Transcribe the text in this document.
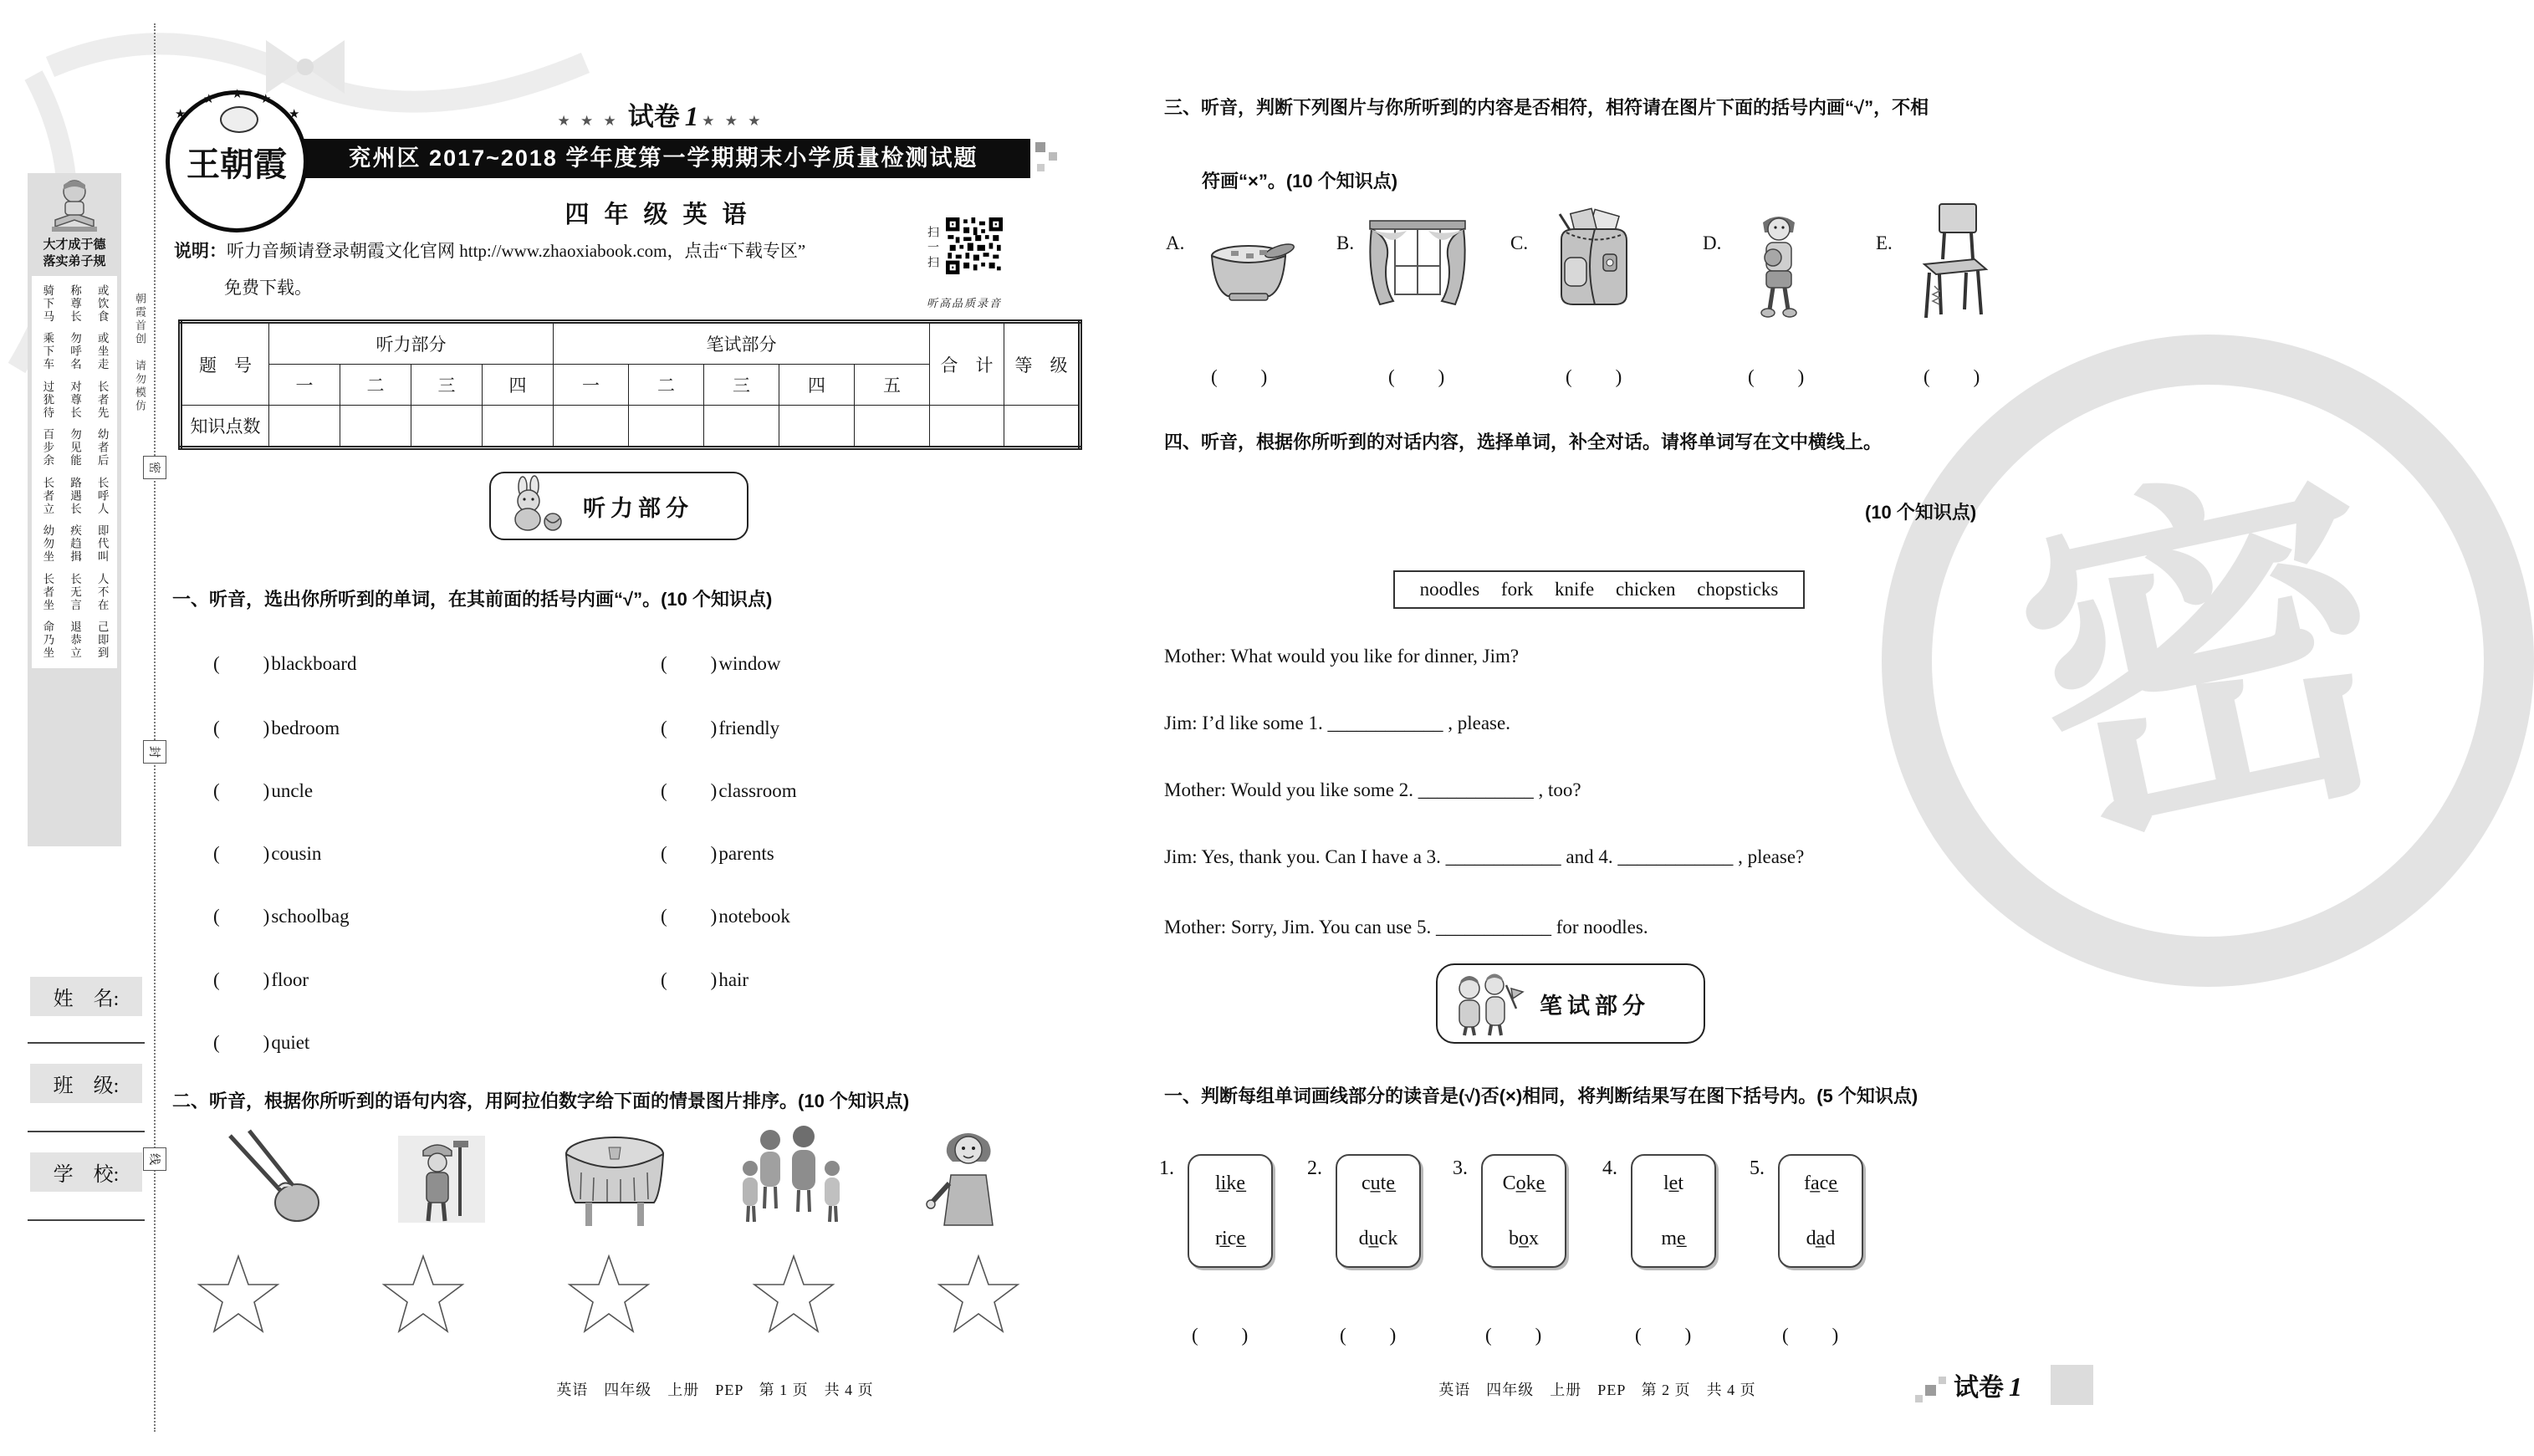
密
密
封
线
大才成于德
落实弟子规
骑下马 称尊长 或饮食
乘下车 勿呼名 或坐走
过犹待 对尊长 长者先
百步余 勿见能 幼者后
长者立 路遇长 长呼人
幼勿坐 疾趋揖 即代叫
长者坐 长无言 人不在
命乃坐 退恭立 己即到
朝霞首创　请勿模仿
姓　名:
班　级:
学　校:
★
★ ★ ★
★
王朝霞
★ ★ ★ 试卷 1 ★ ★ ★
兖州区 2017~2018 学年度第一学期期末小学质量检测试题
四年级英语
说明：听力音频请登录朝霞文化官网 http://www.zhaoxiabook.com，点击“下载专区”
免费下载。
扫一扫
听高品质录音
题　号	听力部分				笔试部分					合　计	等　级
	一	二	三	四	一	二	三	四	五		
知识点数											
听力部分
一、听音，选出你所听到的单词，在其前面的括号内画“√”。(10 个知识点)
(　　)blackboard	(　　)window
(　　)bedroom	(　　)friendly
(　　)uncle	(　　)classroom
(　　)cousin	(　　)parents
(　　)schoolbag	(　　)notebook
(　　)floor	(　　)hair
(　　)quiet
二、听音，根据你所听到的语句内容，用阿拉伯数字给下面的情景图片排序。(10 个知识点)
英语　四年级　上册　PEP　第 1 页　共 4 页
三、听音，判断下列图片与你所听到的内容是否相符，相符请在图片下面的括号内画“√”，不相
符画“×”。(10 个知识点)
A.	B.	C.	D.	E.
(　　)	(　　)	(　　)	(　　)	(　　)
四、听音，根据你所听到的对话内容，选择单词，补全对话。请将单词写在文中横线上。
(10 个知识点)
noodles fork knife chicken chopsticks
Mother: What would you like for dinner, Jim?
Jim: I’d like some 1. ____________ , please.
Mother: Would you like some 2. ____________ , too?
Jim: Yes, thank you. Can I have a 3. ____________ and 4. ____________ , please?
Mother: Sorry, Jim. You can use 5. ____________ for noodles.
笔试部分
一、判断每组单词画线部分的读音是(√)否(×)相同，将判断结果写在图下括号内。(5 个知识点)
1.
li̲ke̲
ri̲ce̲
2.
cu̲te̲
du̲ck
3.
Co̲ke̲
bo̲x
4.
le̲t
me̲
5.
fa̲ce̲
da̲d
(　　)	(　　)	(　　)	(　　)	(　　)
英语　四年级　上册　PEP　第 2 页　共 4 页	试卷 1
